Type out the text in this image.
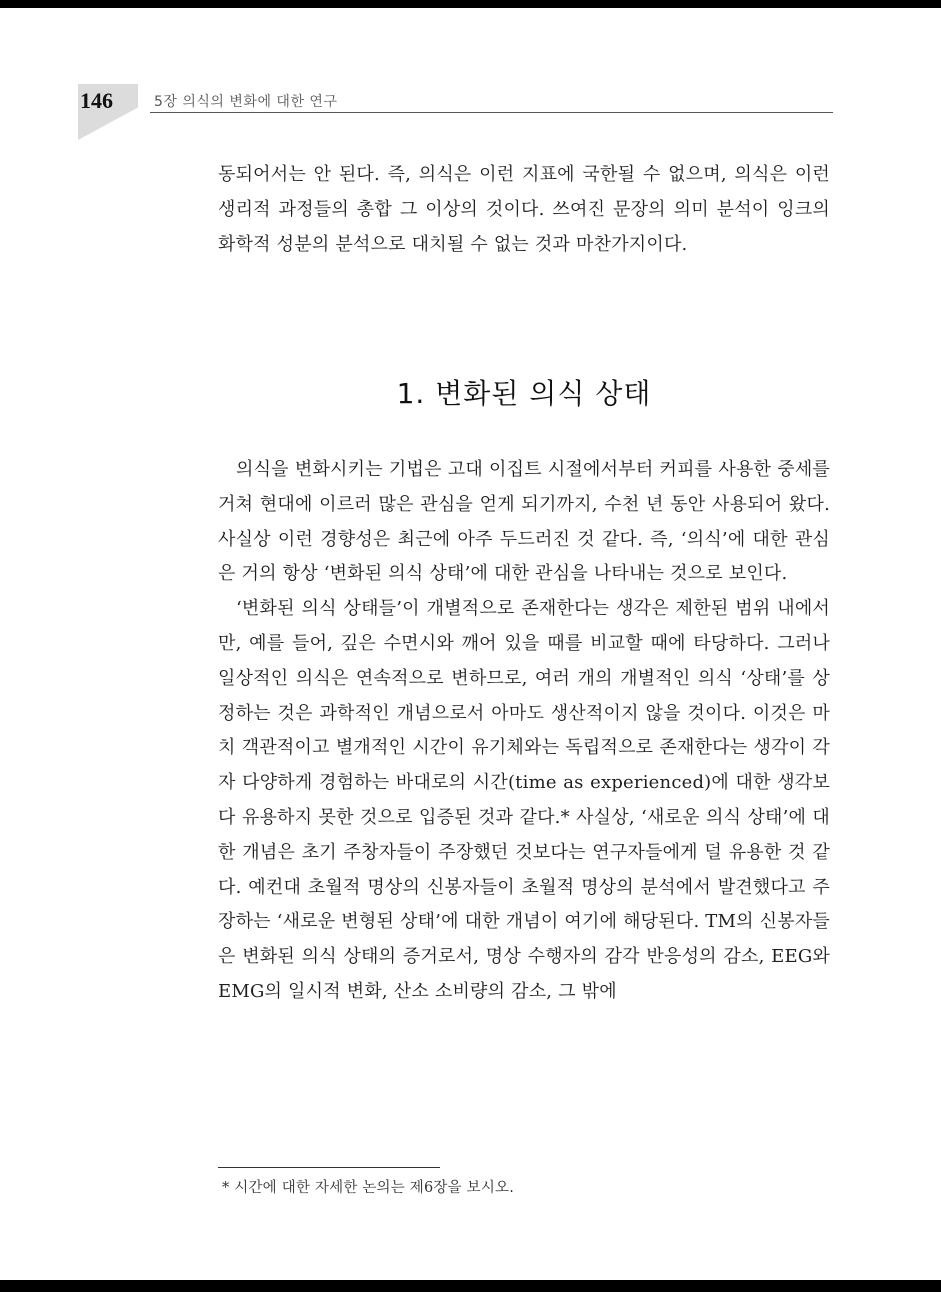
146	5장 의식의 변화에 대한 연구

동되어서는 안 된다. 즉, 의식은 이런 지표에 국한될 수 없으며, 의식은 이런 생리적 과정들의 총합 그 이상의 것이다. 쓰여진 문장의 의미 분석이 잉크의 화학적 성분의 분석으로 대치될 수 없는 것과 마찬가지이다.

1. 변화된 의식 상태

의식을 변화시키는 기법은 고대 이집트 시절에서부터 커피를 사용한 중세를 거쳐 현대에 이르러 많은 관심을 얻게 되기까지, 수천 년 동안 사용되어 왔다. 사실상 이런 경향성은 최근에 아주 두드러진 것 같다. 즉, ‘의식’에 대한 관심은 거의 항상 ‘변화된 의식 상태’에 대한 관심을 나타내는 것으로 보인다.

‘변화된 의식 상태들’이 개별적으로 존재한다는 생각은 제한된 범위 내에서만, 예를 들어, 깊은 수면시와 깨어 있을 때를 비교할 때에 타당하다. 그러나 일상적인 의식은 연속적으로 변하므로, 여러 개의 개별적인 의식 ‘상태’를 상정하는 것은 과학적인 개념으로서 아마도 생산적이지 않을 것이다. 이것은 마치 객관적이고 별개적인 시간이 유기체와는 독립적으로 존재한다는 생각이 각자 다양하게 경험하는 바대로의 시간(time as experienced)에 대한 생각보다 유용하지 못한 것으로 입증된 것과 같다.* 사실상, ‘새로운 의식 상태’에 대한 개념은 초기 주창자들이 주장했던 것보다는 연구자들에게 덜 유용한 것 같다. 예컨대 초월적 명상의 신봉자들이 초월적 명상의 분석에서 발견했다고 주장하는 ‘새로운 변형된 상태’에 대한 개념이 여기에 해당된다. TM의 신봉자들은 변화된 의식 상태의 증거로서, 명상 수행자의 감각 반응성의 감소, EEG와 EMG의 일시적 변화, 산소 소비량의 감소, 그 밖에

* 시간에 대한 자세한 논의는 제6장을 보시오.
